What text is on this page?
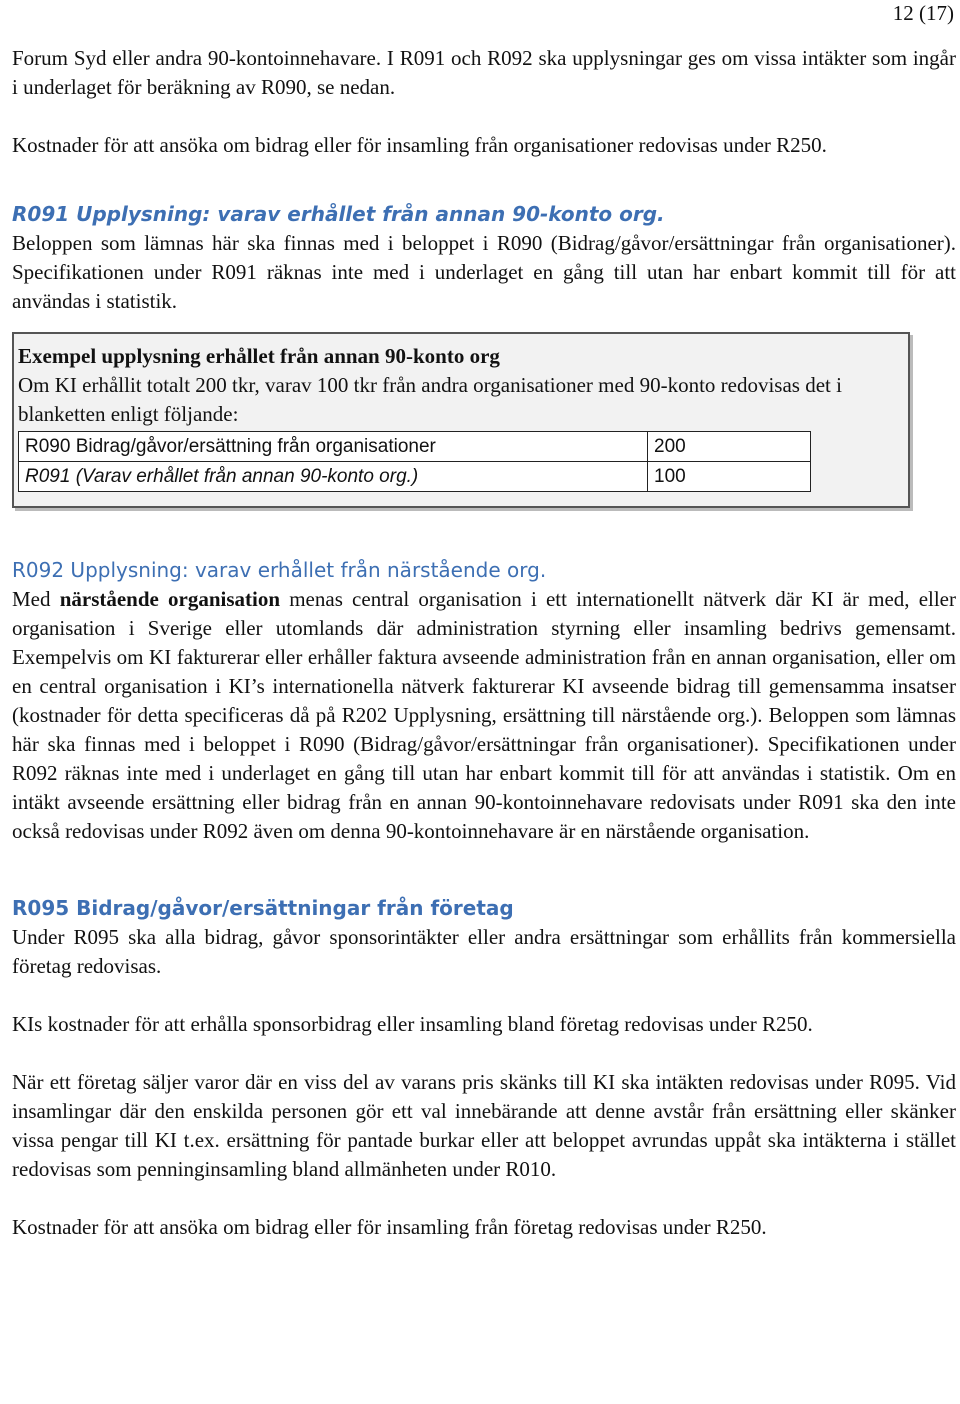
12 (17)

Forum Syd eller andra 90-kontoinnehavare. I R091 och R092 ska upplysningar ges om vissa intäkter som ingår i underlaget för beräkning av R090, se nedan.

Kostnader för att ansöka om bidrag eller för insamling från organisationer redovisas under R250.

R091 Upplysning: varav erhållet från annan 90-konto org.

Beloppen som lämnas här ska finnas med i beloppet i R090 (Bidrag/gåvor/ersättningar från organisationer). Specifikationen under R091 räknas inte med i underlaget en gång till utan har enbart kommit till för att användas i statistik.

Exempel upplysning erhållet från annan 90-konto org
Om KI erhållit totalt 200 tkr, varav 100 tkr från andra organisationer med 90-konto redovisas det i blanketten enligt följande:
R090 Bidrag/gåvor/ersättning från organisationer	200
R091 (Varav erhållet från annan 90-konto org.)	100
R092 Upplysning: varav erhållet från närstående org.

Med närstående organisation menas central organisation i ett internationellt nätverk där KI är med, eller organisation i Sverige eller utomlands där administration styrning eller insamling bedrivs gemensamt. Exempelvis om KI fakturerar eller erhåller faktura avseende administration från en annan organisation, eller om en central organisation i KI’s internationella nätverk fakturerar KI avseende bidrag till gemensamma insatser (kostnader för detta specificeras då på R202 Upplysning, ersättning till närstående org.). Beloppen som lämnas här ska finnas med i beloppet i R090 (Bidrag/gåvor/ersättningar från organisationer). Specifikationen under R092 räknas inte med i underlaget en gång till utan har enbart kommit till för att användas i statistik. Om en intäkt avseende ersättning eller bidrag från en annan 90-kontoinnehavare redovisats under R091 ska den inte också redovisas under R092 även om denna 90-kontoinnehavare är en närstående organisation.

R095 Bidrag/gåvor/ersättningar från företag

Under R095 ska alla bidrag, gåvor sponsorintäkter eller andra ersättningar som erhållits från kommersiella företag redovisas.

KIs kostnader för att erhålla sponsorbidrag eller insamling bland företag redovisas under R250.

När ett företag säljer varor där en viss del av varans pris skänks till KI ska intäkten redovisas under R095. Vid insamlingar där den enskilda personen gör ett val innebärande att denne avstår från ersättning eller skänker vissa pengar till KI t.ex. ersättning för pantade burkar eller att beloppet avrundas uppåt ska intäkterna i stället redovisas som penninginsamling bland allmänheten under R010.

Kostnader för att ansöka om bidrag eller för insamling från företag redovisas under R250.
